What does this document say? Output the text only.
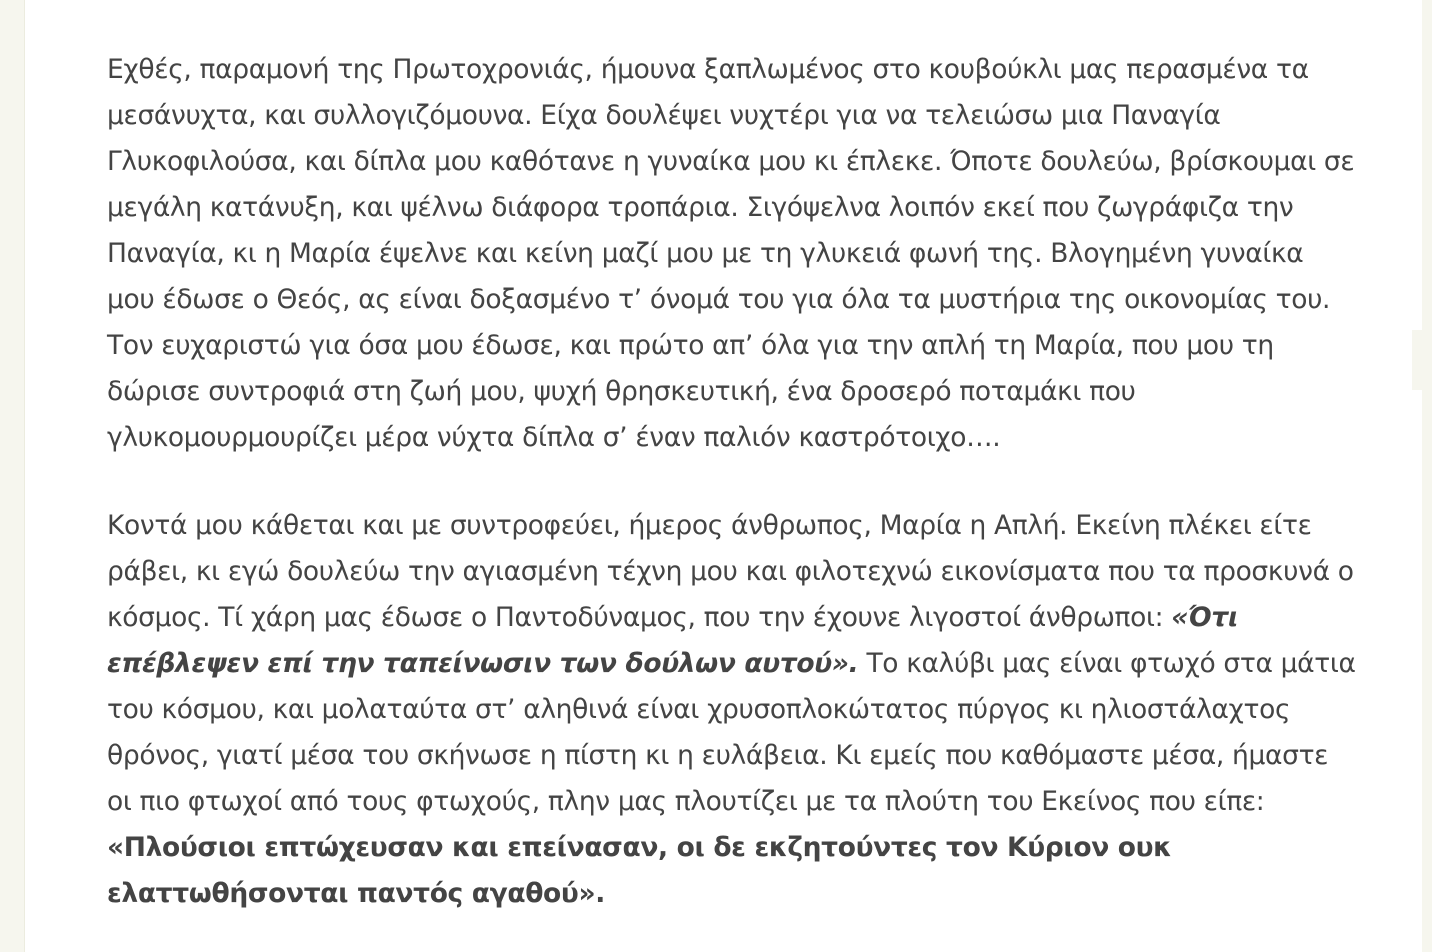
Εχθές, παραμονή της Πρωτοχρονιάς, ήμουνα ξαπλωμένος στο κουβούκλι μας περασμένα τα μεσάνυχτα, και συλλογιζόμουνα. Είχα δουλέψει νυχτέρι για να τελειώσω μια Παναγία Γλυκοφιλούσα, και δίπλα μου καθότανε η γυναίκα μου κι έπλεκε. Όποτε δουλεύω, βρίσκουμαι σε μεγάλη κατάνυξη, και ψέλνω διάφορα τροπάρια. Σιγόψελνα λοιπόν εκεί που ζωγράφιζα την Παναγία, κι η Μαρία έψελνε και κείνη μαζί μου με τη γλυκειά φωνή της. Βλογημένη γυναίκα μου έδωσε ο Θεός, ας είναι δοξασμένο τ’ όνομά του για όλα τα μυστήρια της οικονομίας του. Τον ευχαριστώ για όσα μου έδωσε, και πρώτο απ’ όλα για την απλή τη Μαρία, που μου τη δώρισε συντροφιά στη ζωή μου, ψυχή θρησκευτική, ένα δροσερό ποταμάκι που γλυκομουρμουρίζει μέρα νύχτα δίπλα σ’ έναν παλιόν καστρότοιχο….

Κοντά μου κάθεται και με συντροφεύει, ήμερος άνθρωπος, Μαρία η Απλή. Εκείνη πλέκει είτε ράβει, κι εγώ δουλεύω την αγιασμένη τέχνη μου και φιλοτεχνώ εικονίσματα που τα προσκυνά ο κόσμος. Τί χάρη μας έδωσε ο Παντοδύναμος, που την έχουνε λιγοστοί άνθρωποι: «Ότι επέβλεψεν επί την ταπείνωσιν των δούλων αυτού». Το καλύβι μας είναι φτωχό στα μάτια του κόσμου, και μολαταύτα στ’ αληθινά είναι χρυσοπλοκώτατος πύργος κι ηλιοστάλαχτος θρόνος, γιατί μέσα του σκήνωσε η πίστη κι η ευλάβεια. Κι εμείς που καθόμαστε μέσα, ήμαστε οι πιο φτωχοί από τους φτωχούς, πλην μας πλουτίζει με τα πλούτη του Εκείνος που είπε:
«Πλούσιοι επτώχευσαν και επείνασαν, οι δε εκζητούντες τον Κύριον ουκ ελαττωθήσονται παντός αγαθού».
